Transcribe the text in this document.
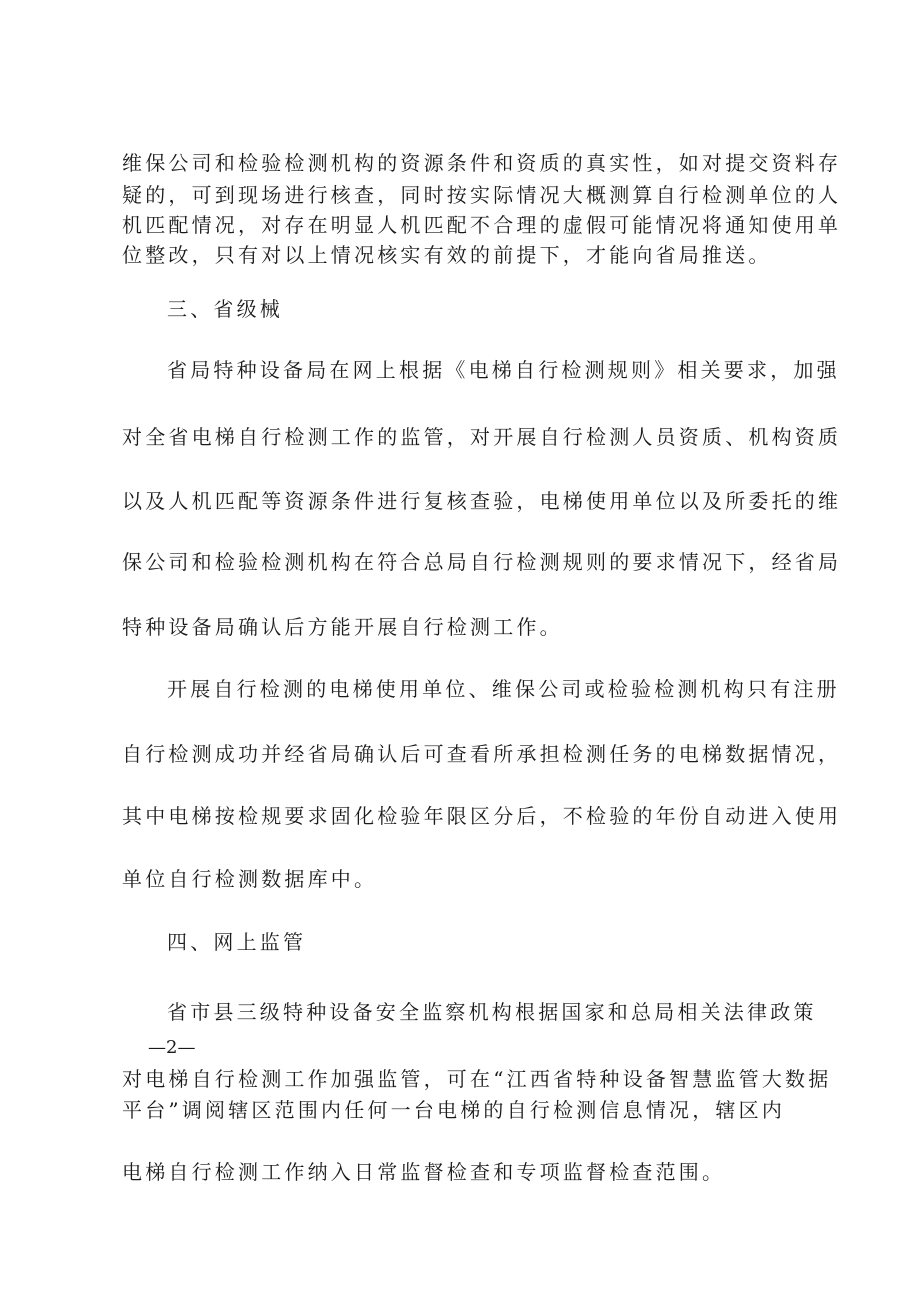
维保公司和检验检测机构的资源条件和资质的真实性，如对提交资料存
疑的，可到现场进行核查，同时按实际情况大概测算自行检测单位的人
机匹配情况，对存在明显人机匹配不合理的虚假可能情况将通知使用单
位整改，只有对以上情况核实有效的前提下，才能向省局推送。
三、省级械
省局特种设备局在网上根据《电梯自行检测规则》相关要求，加强
对全省电梯自行检测工作的监管，对开展自行检测人员资质、机构资质
以及人机匹配等资源条件进行复核查验，电梯使用单位以及所委托的维
保公司和检验检测机构在符合总局自行检测规则的要求情况下，经省局
特种设备局确认后方能开展自行检测工作。
开展自行检测的电梯使用单位、维保公司或检验检测机构只有注册
自行检测成功并经省局确认后可查看所承担检测任务的电梯数据情况，
其中电梯按检规要求固化检验年限区分后，不检验的年份自动进入使用
单位自行检测数据库中。
四、网上监管
省市县三级特种设备安全监察机构根据国家和总局相关法律政策
—2—
对电梯自行检测工作加强监管，可在“江西省特种设备智慧监管大数据
平台”调阅辖区范围内任何一台电梯的自行检测信息情况，辖区内
电梯自行检测工作纳入日常监督检查和专项监督检查范围。
